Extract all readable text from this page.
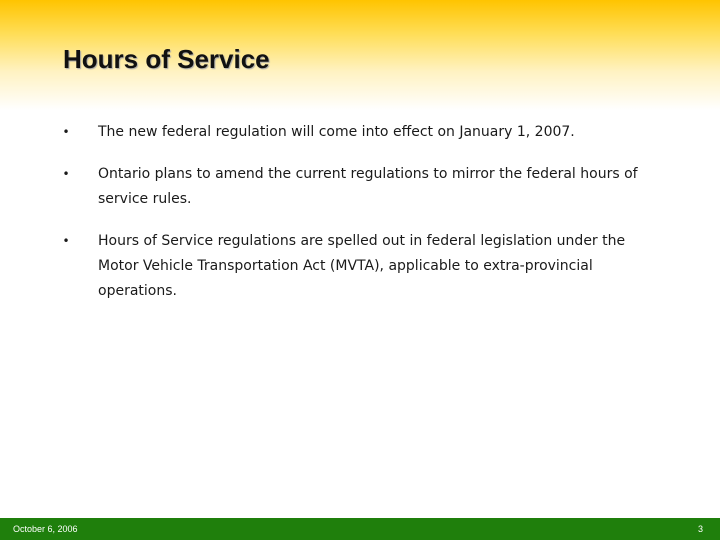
Hours of Service
• The new federal regulation will come into effect on January 1, 2007.
• Ontario plans to amend the current regulations to mirror the federal hours of service rules.
• Hours of Service regulations are spelled out in federal legislation under the Motor Vehicle Transportation Act (MVTA), applicable to extra-provincial operations.
October 6, 2006	3
